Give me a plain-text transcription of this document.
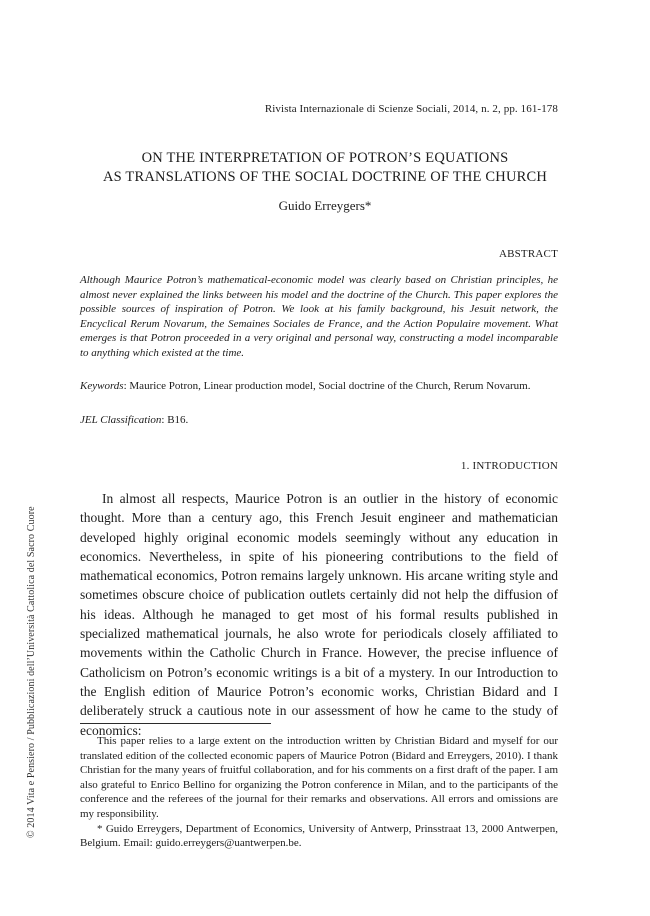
Rivista Internazionale di Scienze Sociali, 2014, n. 2, pp. 161-178
ON THE INTERPRETATION OF POTRON’S EQUATIONS
AS TRANSLATIONS OF THE SOCIAL DOCTRINE OF THE CHURCH
Guido Erreygers*
ABSTRACT
Although Maurice Potron’s mathematical-economic model was clearly based on Christian principles, he almost never explained the links between his model and the doctrine of the Church. This paper explores the possible sources of inspiration of Potron. We look at his family background, his Jesuit network, the Encyclical Rerum Novarum, the Semaines Sociales de France, and the Action Populaire movement. What emerges is that Potron proceeded in a very original and personal way, constructing a model incomparable to anything which existed at the time.
Keywords: Maurice Potron, Linear production model, Social doctrine of the Church, Rerum Novarum.
JEL Classification: B16.
1. INTRODUCTION

In almost all respects, Maurice Potron is an outlier in the history of economic thought. More than a century ago, this French Jesuit engineer and mathematician developed highly original economic models seemingly without any education in economics. Nevertheless, in spite of his pioneering contributions to the field of mathematical economics, Potron remains largely unknown. His arcane writing style and sometimes obscure choice of publication outlets certainly did not help the diffusion of his ideas. Although he managed to get most of his formal results published in specialized mathematical journals, he also wrote for periodicals closely affiliated to movements within the Catholic Church in France. However, the precise influence of Catholicism on Potron’s economic writings is a bit of a mystery. In our Introduction to the English edition of Maurice Potron’s economic works, Christian Bidard and I deliberately struck a cautious note in our assessment of how he came to the study of economics:

This paper relies to a large extent on the introduction written by Christian Bidard and myself for our translated edition of the collected economic papers of Maurice Potron (Bidard and Erreygers, 2010). I thank Christian for the many years of fruitful collaboration, and for his comments on a first draft of the paper. I am also grateful to Enrico Bellino for organizing the Potron conference in Milan, and to the participants of the conference and the referees of the journal for their remarks and observations. All errors and omissions are my responsibility.

* Guido Erreygers, Department of Economics, University of Antwerp, Prinsstraat 13, 2000 Antwerpen, Belgium. Email: guido.erreygers@uantwerpen.be.

© 2014 Vita e Pensiero / Pubblicazioni dell’Università Cattolica del Sacro Cuore
